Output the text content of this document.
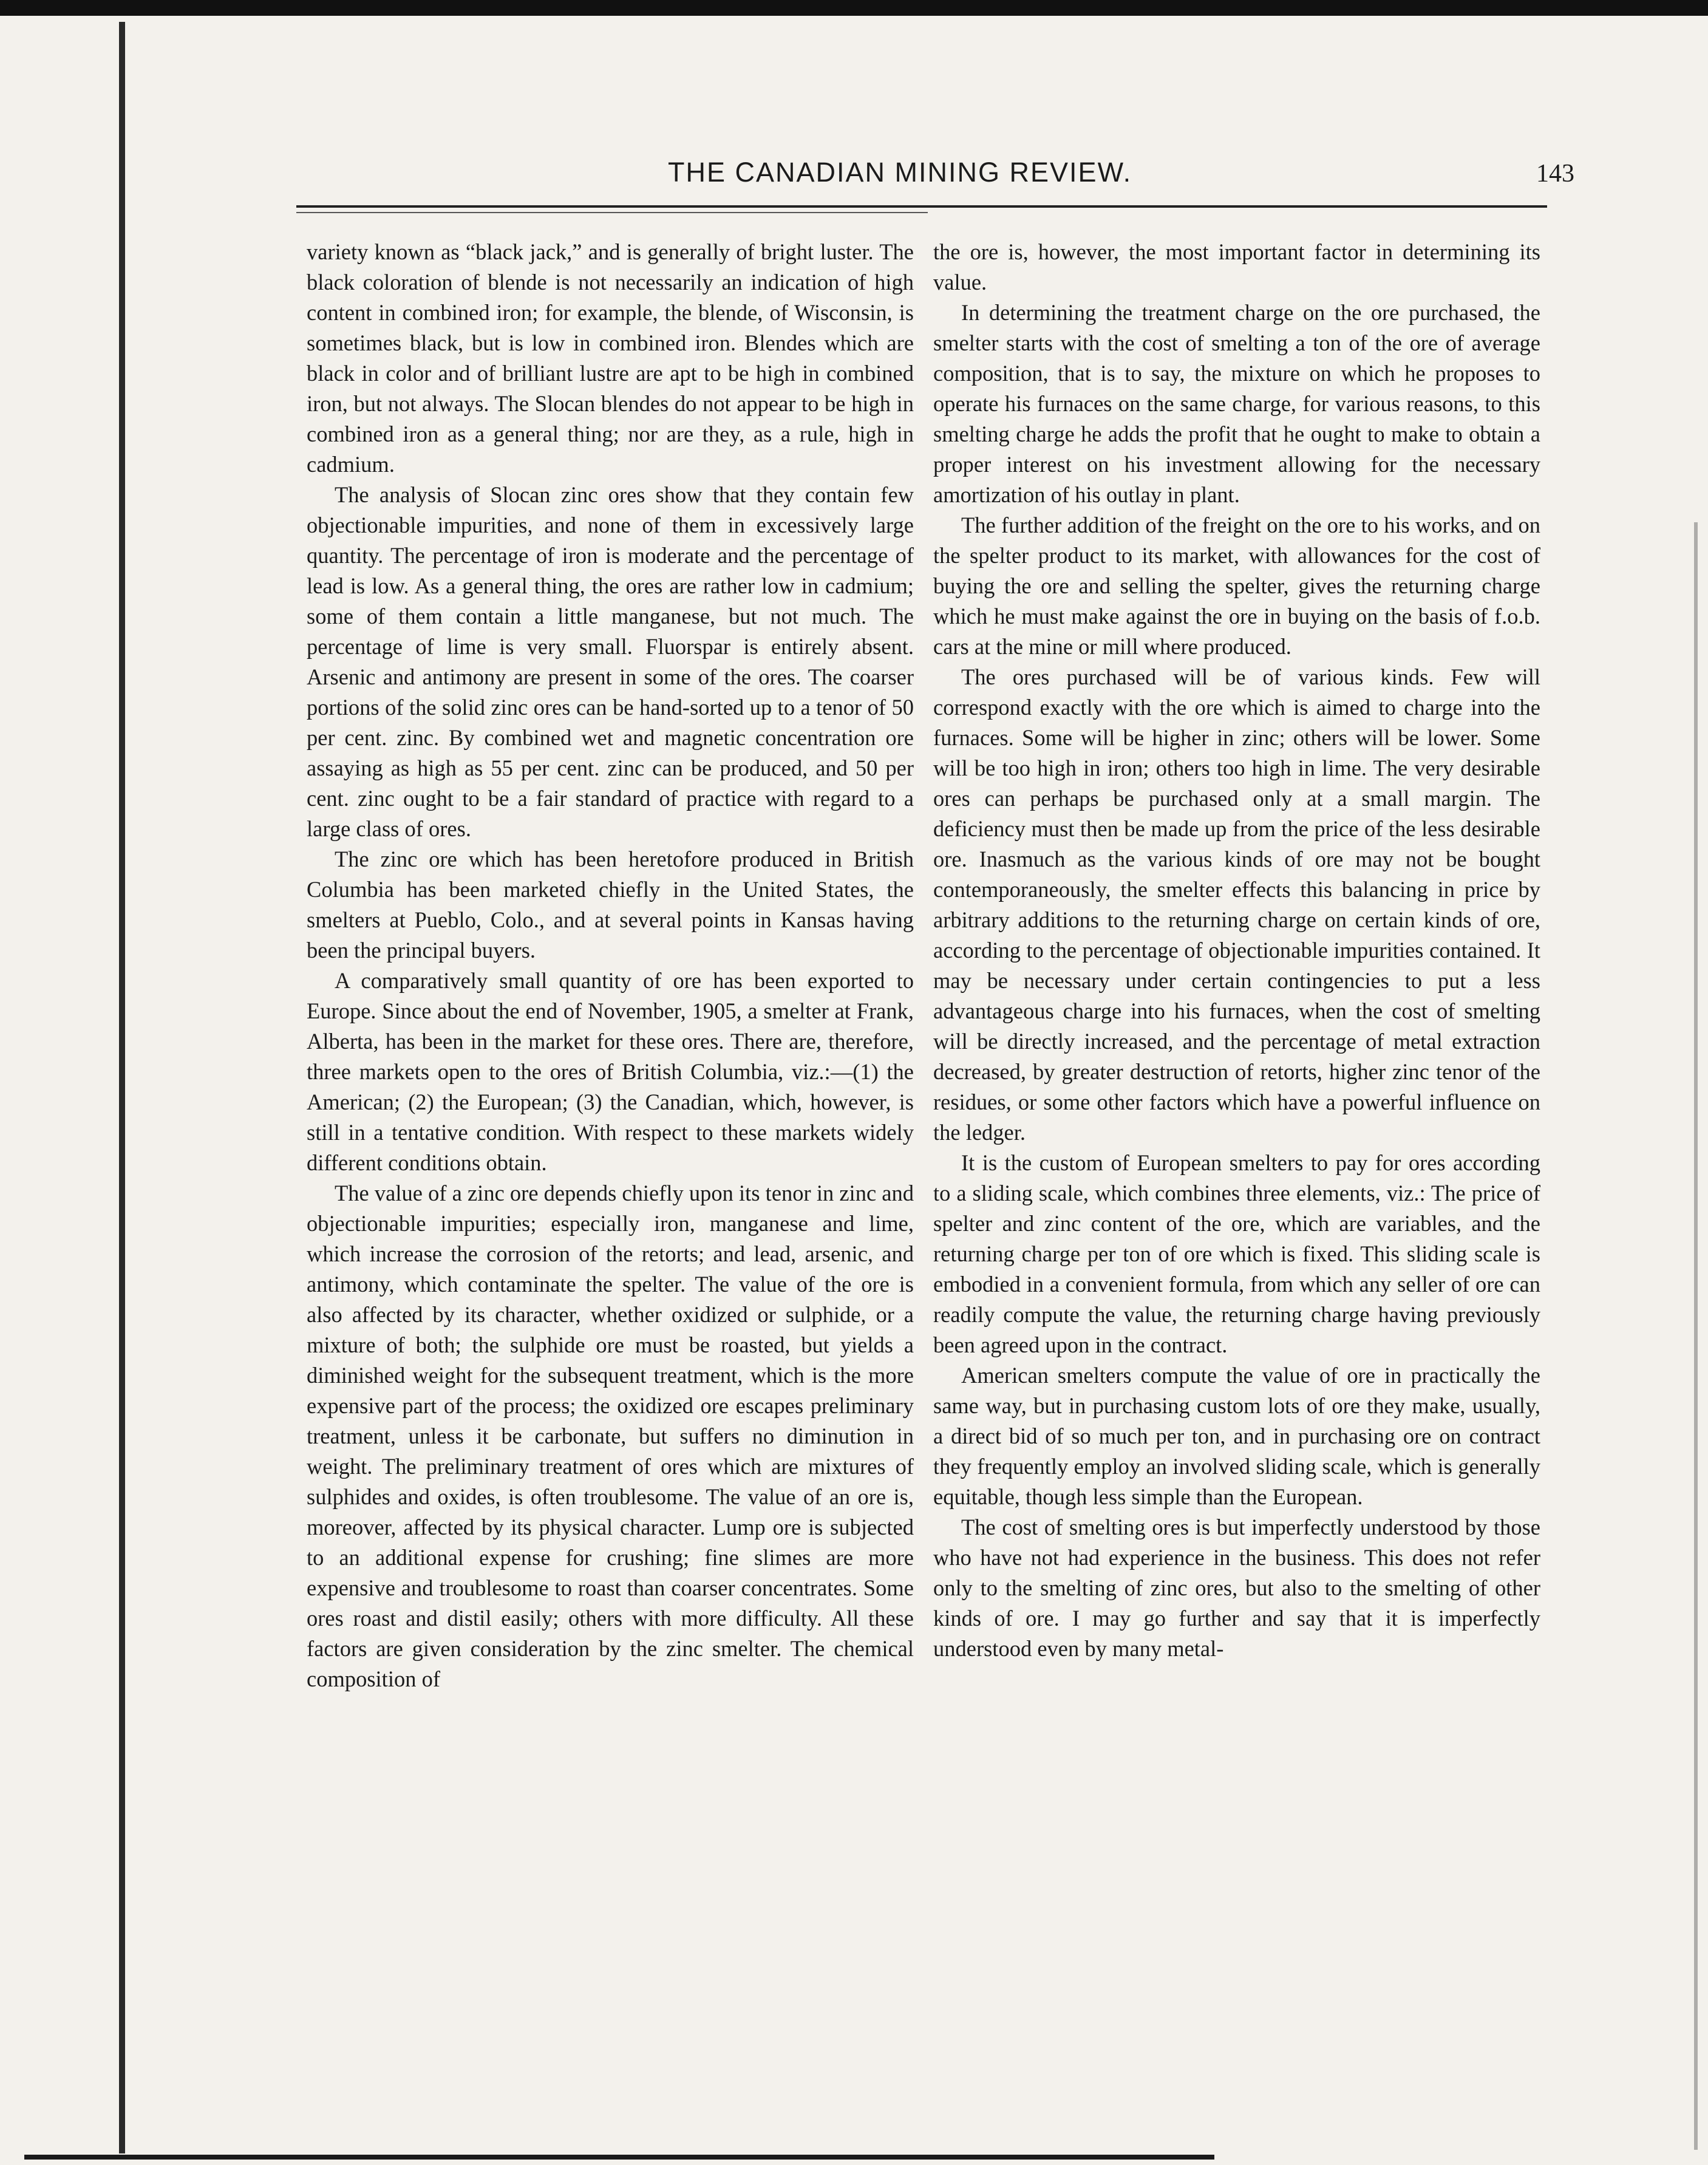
THE CANADIAN MINING REVIEW.	143

variety known as “black jack,” and is generally of bright luster. The black coloration of blende is not necessarily an indication of high content in combined iron; for example, the blende, of Wisconsin, is sometimes black, but is low in combined iron. Blendes which are black in color and of brilliant lustre are apt to be high in combined iron, but not always. The Slocan blendes do not appear to be high in combined iron as a general thing; nor are they, as a rule, high in cadmium.

The analysis of Slocan zinc ores show that they contain few objectionable impurities, and none of them in excessively large quantity. The percentage of iron is moderate and the percentage of lead is low. As a general thing, the ores are rather low in cadmium; some of them contain a little manganese, but not much. The percentage of lime is very small. Fluorspar is entirely absent. Arsenic and antimony are present in some of the ores. The coarser portions of the solid zinc ores can be hand-sorted up to a tenor of 50 per cent. zinc. By combined wet and magnetic concentration ore assaying as high as 55 per cent. zinc can be produced, and 50 per cent. zinc ought to be a fair standard of practice with regard to a large class of ores.

The zinc ore which has been heretofore produced in British Columbia has been marketed chiefly in the United States, the smelters at Pueblo, Colo., and at several points in Kansas having been the principal buyers.

A comparatively small quantity of ore has been exported to Europe. Since about the end of November, 1905, a smelter at Frank, Alberta, has been in the market for these ores. There are, therefore, three markets open to the ores of British Columbia, viz.:—(1) the American; (2) the European; (3) the Canadian, which, however, is still in a tentative condition. With respect to these markets widely different conditions obtain.

The value of a zinc ore depends chiefly upon its tenor in zinc and objectionable impurities; especially iron, manganese and lime, which increase the corrosion of the retorts; and lead, arsenic, and antimony, which contaminate the spelter. The value of the ore is also affected by its character, whether oxidized or sulphide, or a mixture of both; the sulphide ore must be roasted, but yields a diminished weight for the subsequent treatment, which is the more expensive part of the process; the oxidized ore escapes preliminary treatment, unless it be carbonate, but suffers no diminution in weight. The preliminary treatment of ores which are mixtures of sulphides and oxides, is often troublesome. The value of an ore is, moreover, affected by its physical character. Lump ore is subjected to an additional expense for crushing; fine slimes are more expensive and troublesome to roast than coarser concentrates. Some ores roast and distil easily; others with more difficulty. All these factors are given consideration by the zinc smelter. The chemical composition of

the ore is, however, the most important factor in determining its value.

In determining the treatment charge on the ore purchased, the smelter starts with the cost of smelting a ton of the ore of average composition, that is to say, the mixture on which he proposes to operate his furnaces on the same charge, for various reasons, to this smelting charge he adds the profit that he ought to make to obtain a proper interest on his investment allowing for the necessary amortization of his outlay in plant.

The further addition of the freight on the ore to his works, and on the spelter product to its market, with allowances for the cost of buying the ore and selling the spelter, gives the returning charge which he must make against the ore in buying on the basis of f.o.b. cars at the mine or mill where produced.

The ores purchased will be of various kinds. Few will correspond exactly with the ore which is aimed to charge into the furnaces. Some will be higher in zinc; others will be lower. Some will be too high in iron; others too high in lime. The very desirable ores can perhaps be purchased only at a small margin. The deficiency must then be made up from the price of the less desirable ore. Inasmuch as the various kinds of ore may not be bought contemporaneously, the smelter effects this balancing in price by arbitrary additions to the returning charge on certain kinds of ore, according to the percentage of objectionable impurities contained. It may be necessary under certain contingencies to put a less advantageous charge into his furnaces, when the cost of smelting will be directly increased, and the percentage of metal extraction decreased, by greater destruction of retorts, higher zinc tenor of the residues, or some other factors which have a powerful influence on the ledger.

It is the custom of European smelters to pay for ores according to a sliding scale, which combines three elements, viz.: The price of spelter and zinc content of the ore, which are variables, and the returning charge per ton of ore which is fixed. This sliding scale is embodied in a convenient formula, from which any seller of ore can readily compute the value, the returning charge having previously been agreed upon in the contract.

American smelters compute the value of ore in practically the same way, but in purchasing custom lots of ore they make, usually, a direct bid of so much per ton, and in purchasing ore on contract they frequently employ an involved sliding scale, which is generally equitable, though less simple than the European.

The cost of smelting ores is but imperfectly understood by those who have not had experience in the business. This does not refer only to the smelting of zinc ores, but also to the smelting of other kinds of ore. I may go further and say that it is imperfectly understood even by many metal-
